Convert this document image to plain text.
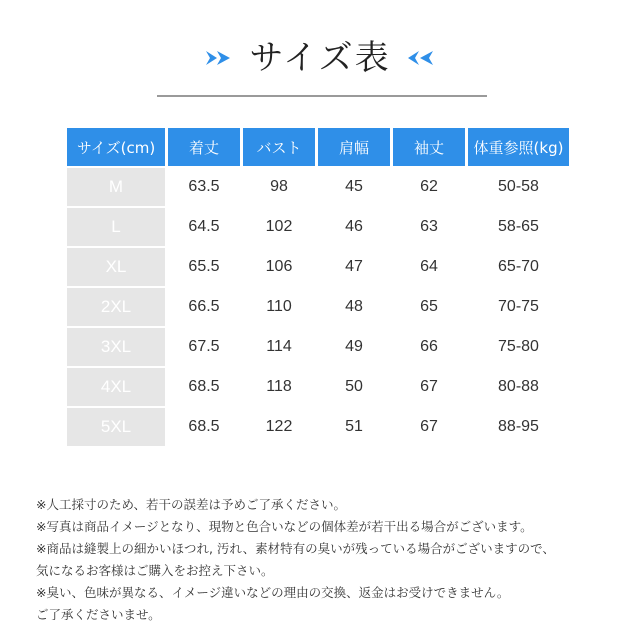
サイズ表
サイズ(cm)	着丈	バスト	肩幅	袖丈	体重参照(kg)
M	63.5	98	45	62	50-58
L	64.5	102	46	63	58-65
XL	65.5	106	47	64	65-70
2XL	66.5	110	48	65	70-75
3XL	67.5	114	49	66	75-80
4XL	68.5	118	50	67	80-88
5XL	68.5	122	51	67	88-95
※人工採寸のため、若干の誤差は予めご了承ください。
※写真は商品イメージとなり、現物と色合いなどの個体差が若干出る場合がございます。
※商品は縫製上の細かいほつれ, 汚れ、素材特有の臭いが残っている場合がございますので、
気になるお客様はご購入をお控え下さい。
※臭い、色味が異なる、イメージ違いなどの理由の交換、返金はお受けできません。
ご了承くださいませ。
